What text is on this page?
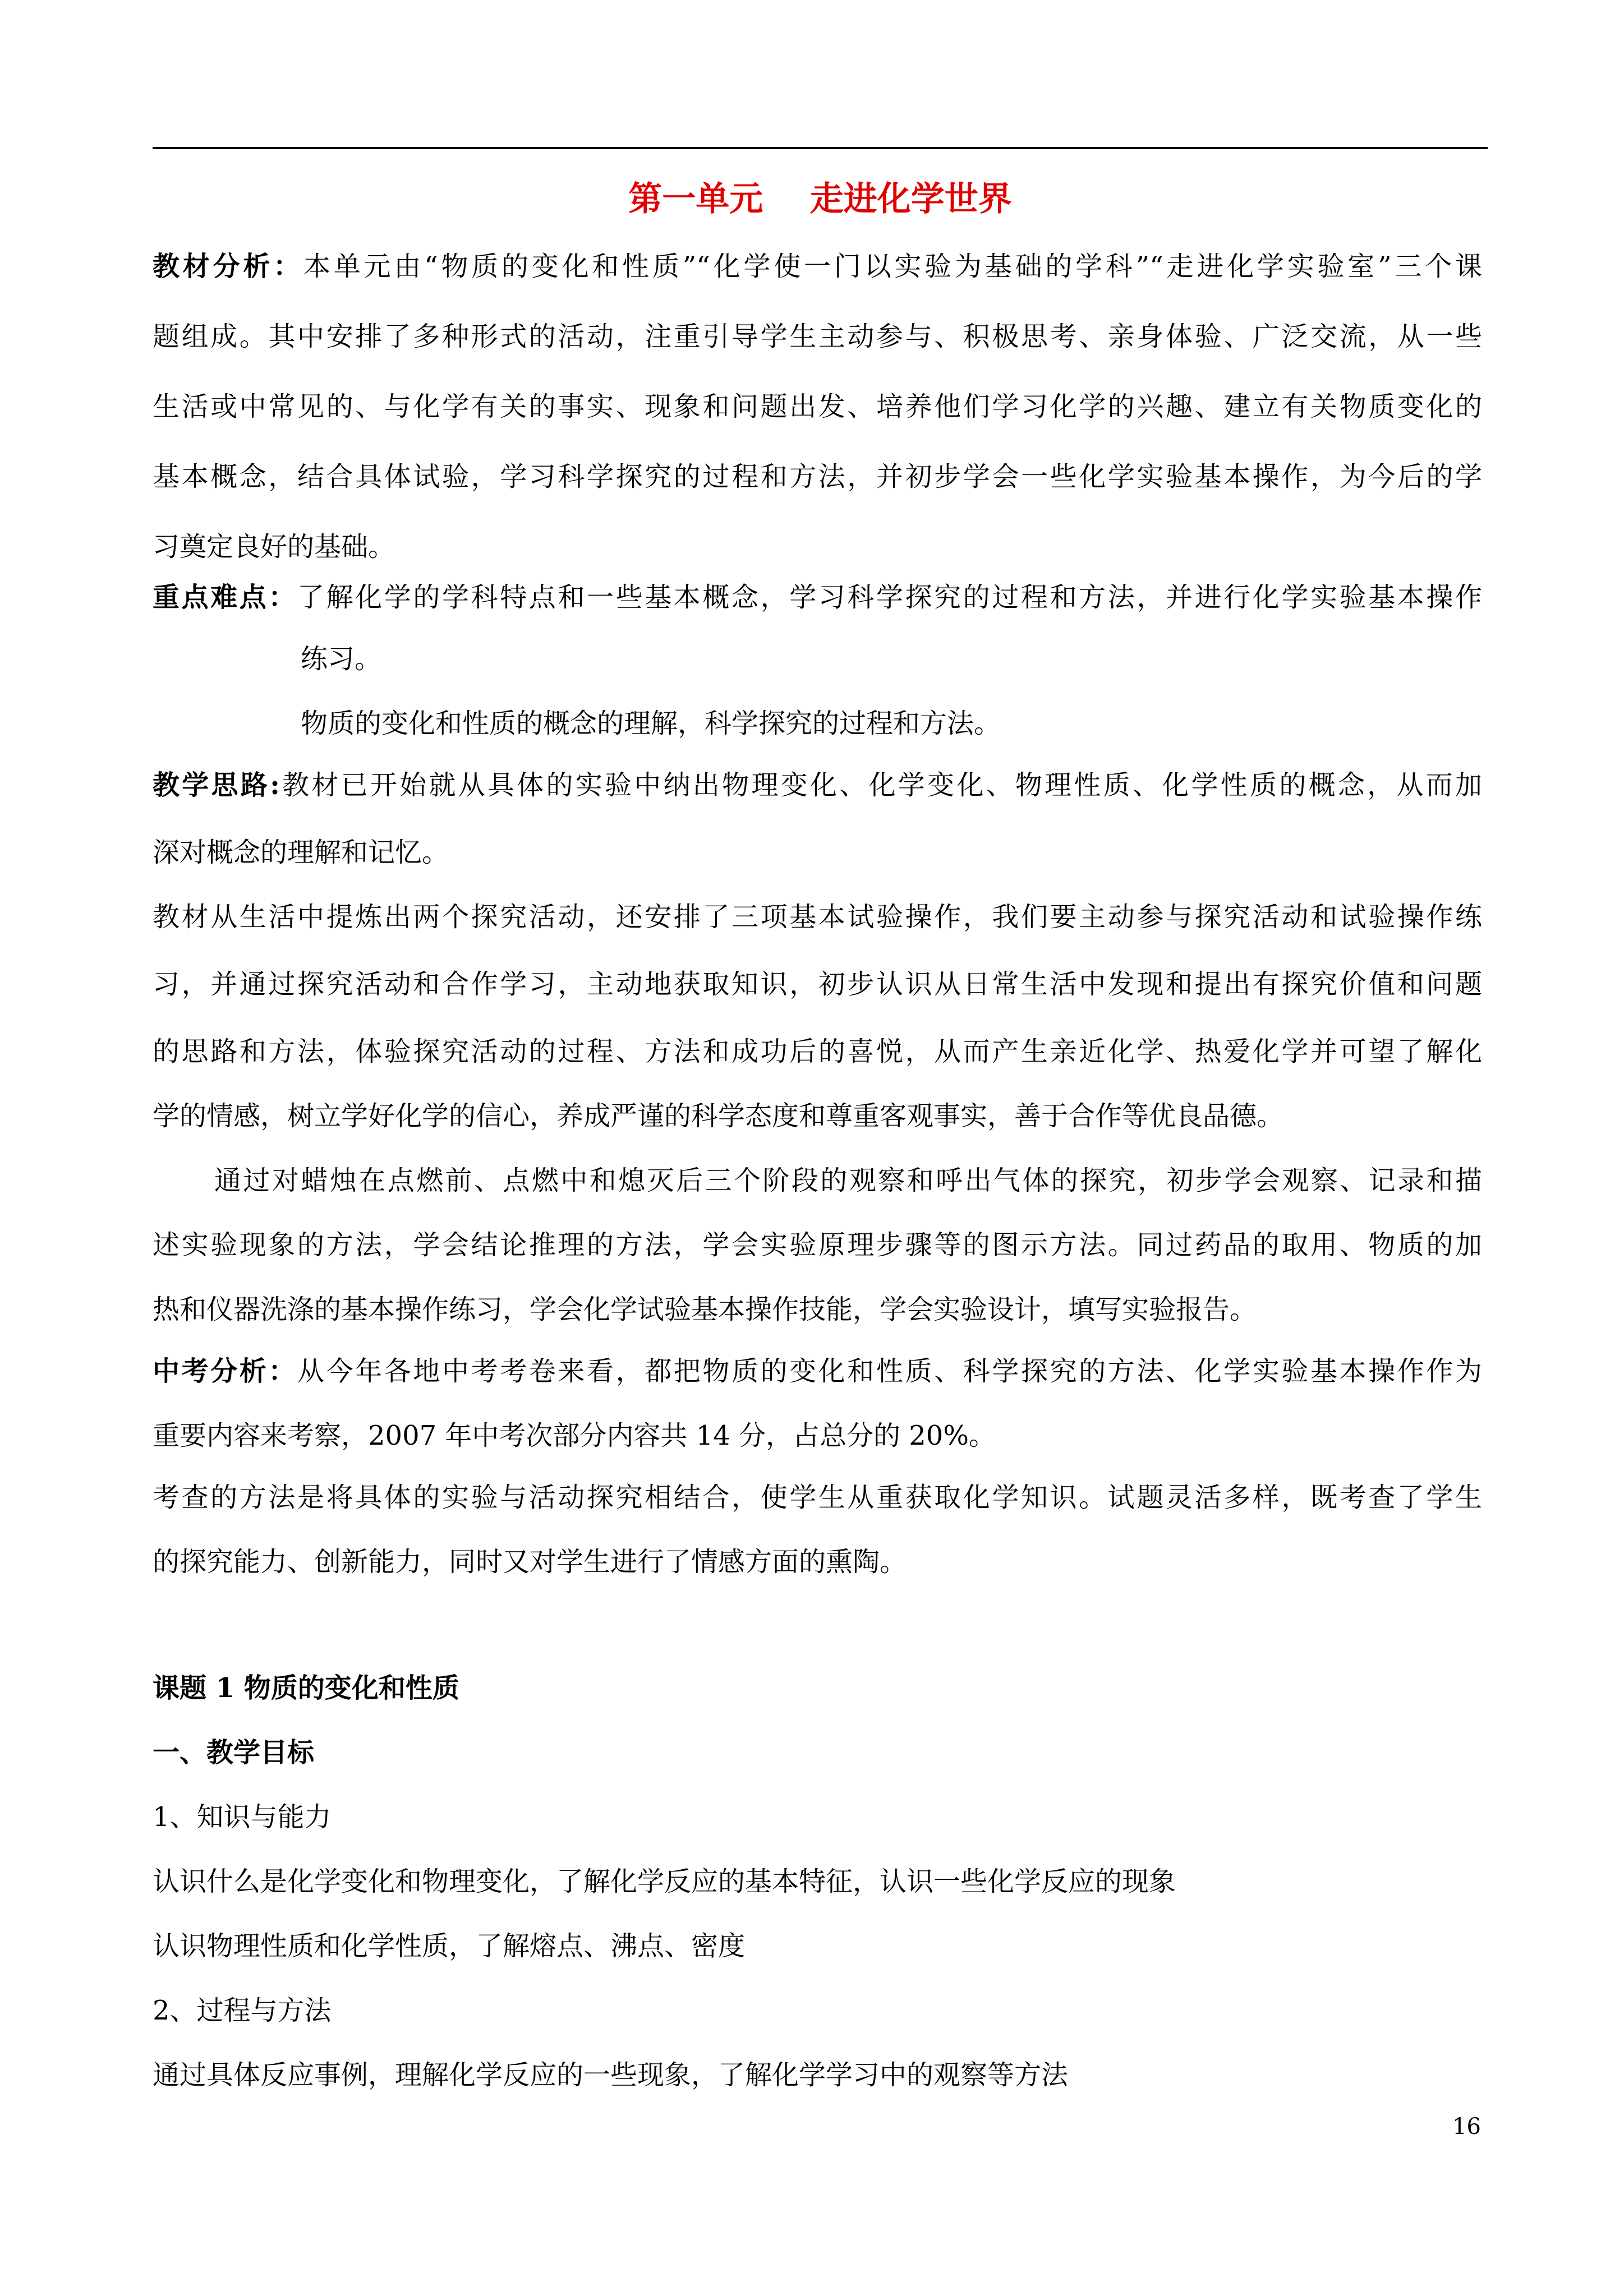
第一单元    走进化学世界
教材分析：本单元由“物质的变化和性质”“化学使一门以实验为基础的学科”“走进化学实验室”三个课
题组成。其中安排了多种形式的活动，注重引导学生主动参与、积极思考、亲身体验、广泛交流，从一些
生活或中常见的、与化学有关的事实、现象和问题出发、培养他们学习化学的兴趣、建立有关物质变化的
基本概念，结合具体试验，学习科学探究的过程和方法，并初步学会一些化学实验基本操作，为今后的学
习奠定良好的基础。
重点难点：了解化学的学科特点和一些基本概念，学习科学探究的过程和方法，并进行化学实验基本操作
练习。
物质的变化和性质的概念的理解，科学探究的过程和方法。
教学思路:教材已开始就从具体的实验中纳出物理变化、化学变化、物理性质、化学性质的概念，从而加
深对概念的理解和记忆。
教材从生活中提炼出两个探究活动，还安排了三项基本试验操作，我们要主动参与探究活动和试验操作练
习，并通过探究活动和合作学习，主动地获取知识，初步认识从日常生活中发现和提出有探究价值和问题
的思路和方法，体验探究活动的过程、方法和成功后的喜悦，从而产生亲近化学、热爱化学并可望了解化
学的情感，树立学好化学的信心，养成严谨的科学态度和尊重客观事实，善于合作等优良品德。
通过对蜡烛在点燃前、点燃中和熄灭后三个阶段的观察和呼出气体的探究，初步学会观察、记录和描
述实验现象的方法，学会结论推理的方法，学会实验原理步骤等的图示方法。同过药品的取用、物质的加
热和仪器洗涤的基本操作练习，学会化学试验基本操作技能，学会实验设计，填写实验报告。
中考分析：从今年各地中考考卷来看，都把物质的变化和性质、科学探究的方法、化学实验基本操作作为
重要内容来考察，2007 年中考次部分内容共 14 分，占总分的 20%。
考查的方法是将具体的实验与活动探究相结合，使学生从重获取化学知识。试题灵活多样，既考查了学生
的探究能力、创新能力，同时又对学生进行了情感方面的熏陶。
课题 1 物质的变化和性质
一、教学目标
1、知识与能力
认识什么是化学变化和物理变化，了解化学反应的基本特征，认识一些化学反应的现象
认识物理性质和化学性质，了解熔点、沸点、密度
2、过程与方法
通过具体反应事例，理解化学反应的一些现象，了解化学学习中的观察等方法
16
